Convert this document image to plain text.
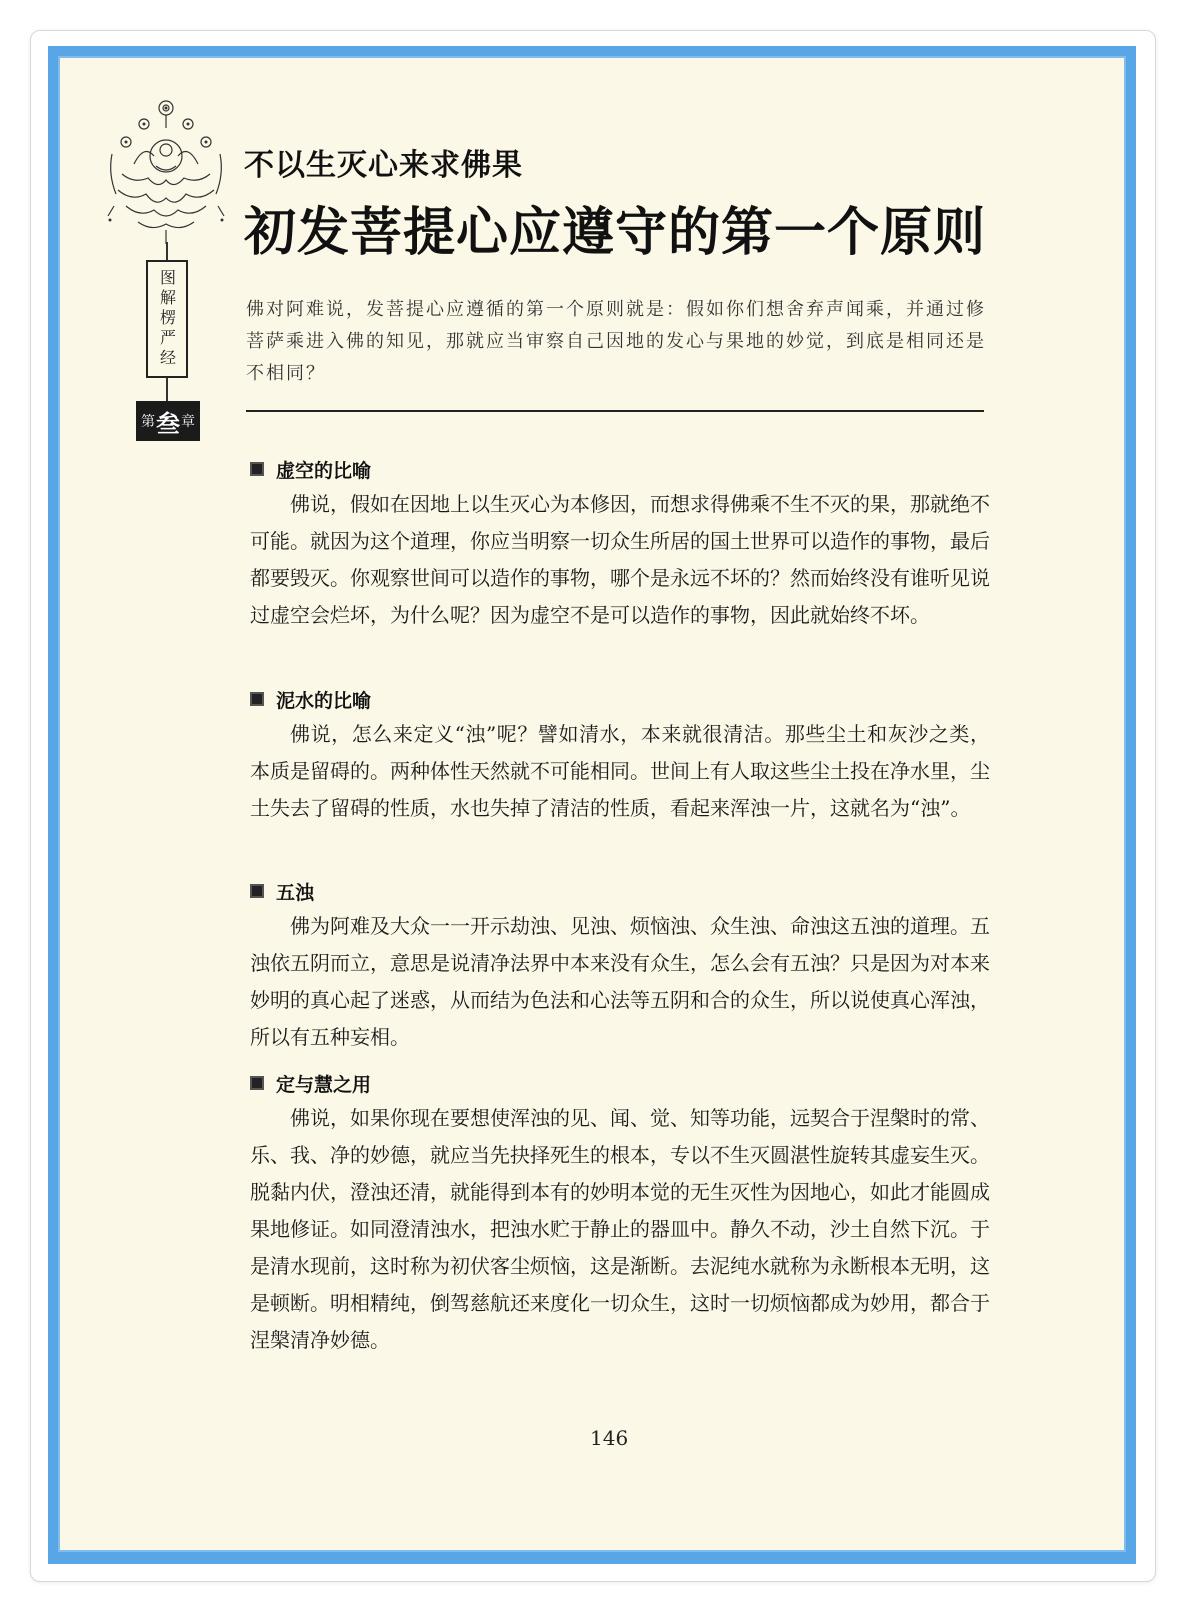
图解楞严经
第 叁 章
不以生灭心来求佛果
初发菩提心应遵守的第一个原则

佛对阿难说，发菩提心应遵循的第一个原则就是：假如你们想舍弃声闻乘，并通过修菩萨乘进入佛的知见，那就应当审察自己因地的发心与果地的妙觉，到底是相同还是不相同？

虚空的比喻

佛说，假如在因地上以生灭心为本修因，而想求得佛乘不生不灭的果，那就绝不可能。就因为这个道理，你应当明察一切众生所居的国土世界可以造作的事物，最后都要毁灭。你观察世间可以造作的事物，哪个是永远不坏的？然而始终没有谁听见说过虚空会烂坏，为什么呢？因为虚空不是可以造作的事物，因此就始终不坏。

泥水的比喻

佛说，怎么来定义“浊”呢？譬如清水，本来就很清洁。那些尘土和灰沙之类，本质是留碍的。两种体性天然就不可能相同。世间上有人取这些尘土投在净水里，尘土失去了留碍的性质，水也失掉了清洁的性质，看起来浑浊一片，这就名为“浊”。

五浊

佛为阿难及大众一一开示劫浊、见浊、烦恼浊、众生浊、命浊这五浊的道理。五浊依五阴而立，意思是说清净法界中本来没有众生，怎么会有五浊？只是因为对本来妙明的真心起了迷惑，从而结为色法和心法等五阴和合的众生，所以说使真心浑浊，所以有五种妄相。

定与慧之用

佛说，如果你现在要想使浑浊的见、闻、觉、知等功能，远契合于涅槃时的常、乐、我、净的妙德，就应当先抉择死生的根本，专以不生灭圆湛性旋转其虚妄生灭。脱黏内伏，澄浊还清，就能得到本有的妙明本觉的无生灭性为因地心，如此才能圆成果地修证。如同澄清浊水，把浊水贮于静止的器皿中。静久不动，沙土自然下沉。于是清水现前，这时称为初伏客尘烦恼，这是渐断。去泥纯水就称为永断根本无明，这是顿断。明相精纯，倒驾慈航还来度化一切众生，这时一切烦恼都成为妙用，都合于涅槃清净妙德。

146
